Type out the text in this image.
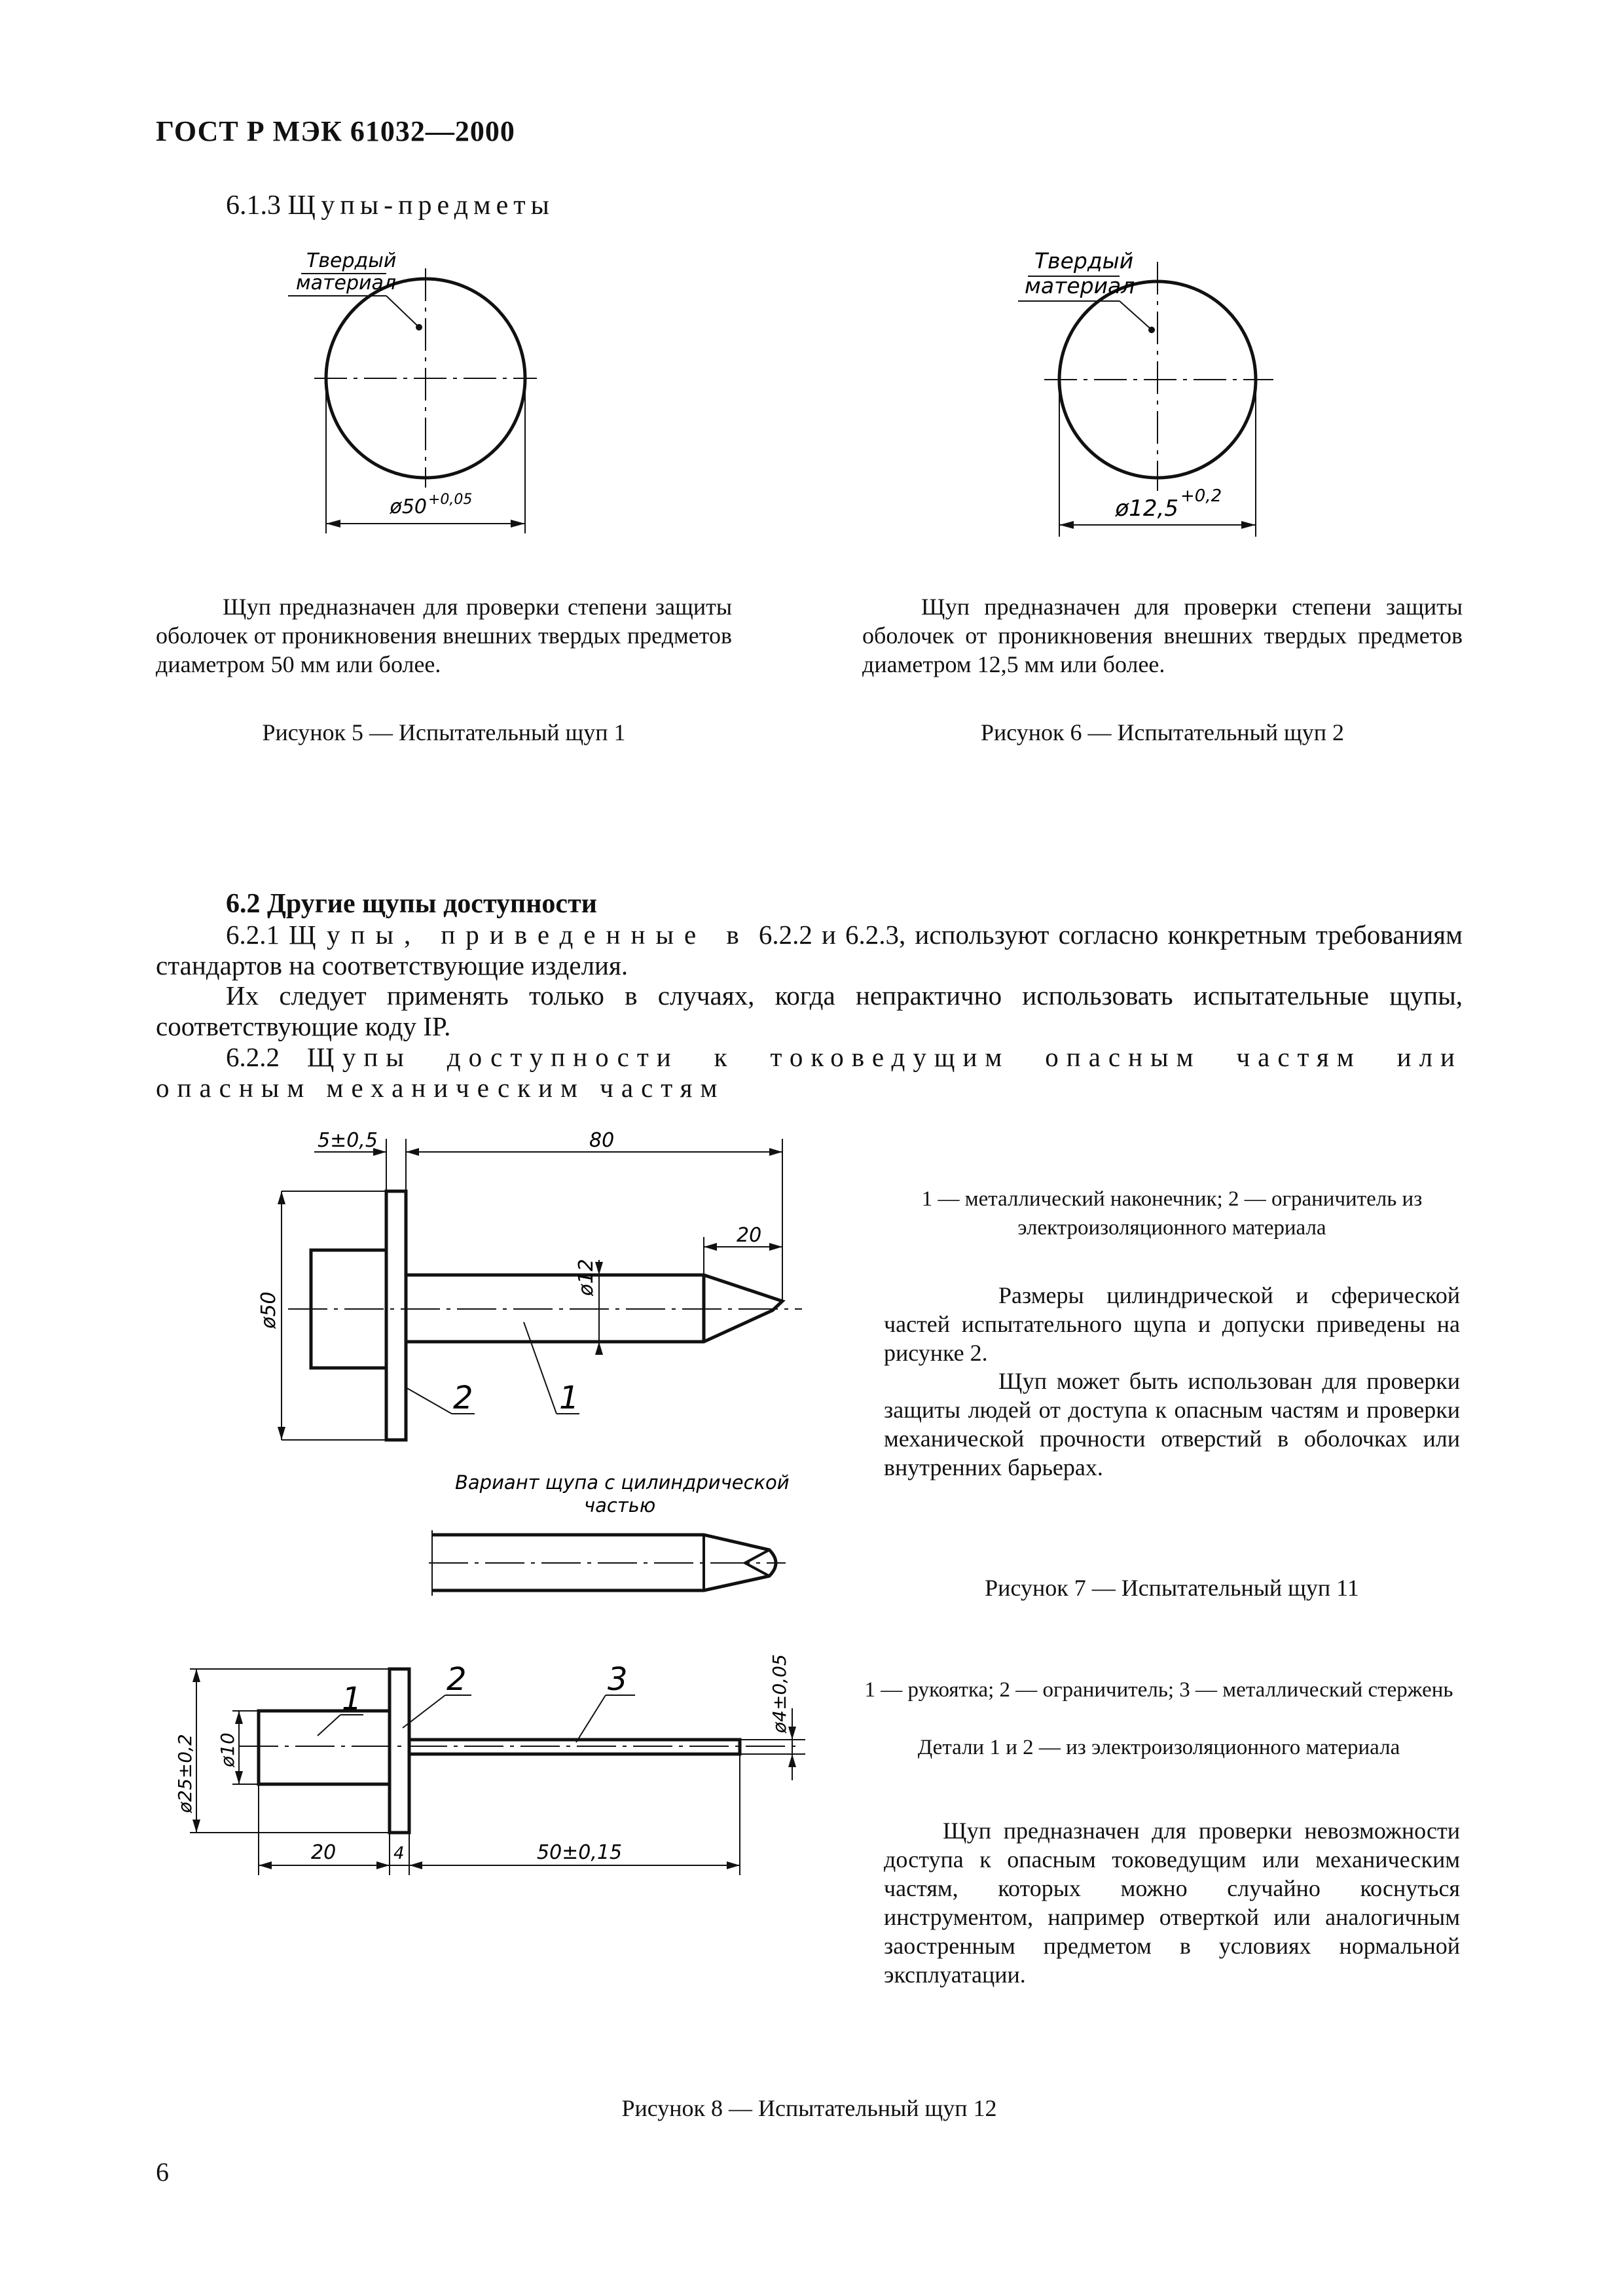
ГОСТ Р МЭК 61032—2000
6.1.3 Щупы-предметы
ø50 +0,05
Твердый
материал
ø12,5 +0,2
Твердый
материал
Щуп предназначен для проверки степени защиты оболочек от проникновения внешних твердых предметов диаметром 50 мм или более.
Рисунок 5 — Испытательный щуп 1
Щуп предназначен для проверки степени защиты оболочек от проникновения внешних твердых предметов диаметром 12,5 мм или более.
Рисунок 6 — Испытательный щуп 2
6.2 Другие щупы доступности
6.2.1 Щупы, приведенные в 6.2.2 и 6.2.3, используют согласно конкретным требованиям стандартов на соответствующие изделия.
Их следует применять только в случаях, когда непрактично использовать испытательные щупы, соответствующие коду IP.
6.2.2 Щупы доступности к токоведущим опасным частям или опасным механическим частям
5±0,5	80
20
ø12
ø50
2	1
Вариант щупа с цилиндрической
частью
1 — металлический наконечник; 2 — ограничитель из электроизоляционного материала
Размеры цилиндрической и сферической частей испытательного щупа и допуски приведены на рисунке 2.
Щуп может быть использован для проверки защиты людей от доступа к опасным частям и проверки механической прочности отверстий в оболочках или внутренних барьерах.
Рисунок 7 — Испытательный щуп 11
ø25±0,2 ø10
ø4±0,05
20	4	50±0,15
1
2	3	1 — рукоятка; 2 — ограничитель; 3 — металлический стержень
Детали 1 и 2 — из электроизоляционного материала
Щуп предназначен для проверки невозможности доступа к опасным токоведущим или механическим частям, которых можно случайно коснуться инструментом, например отверткой или аналогичным заостренным предметом в условиях нормальной эксплуатации.
Рисунок 8 — Испытательный щуп 12
6
